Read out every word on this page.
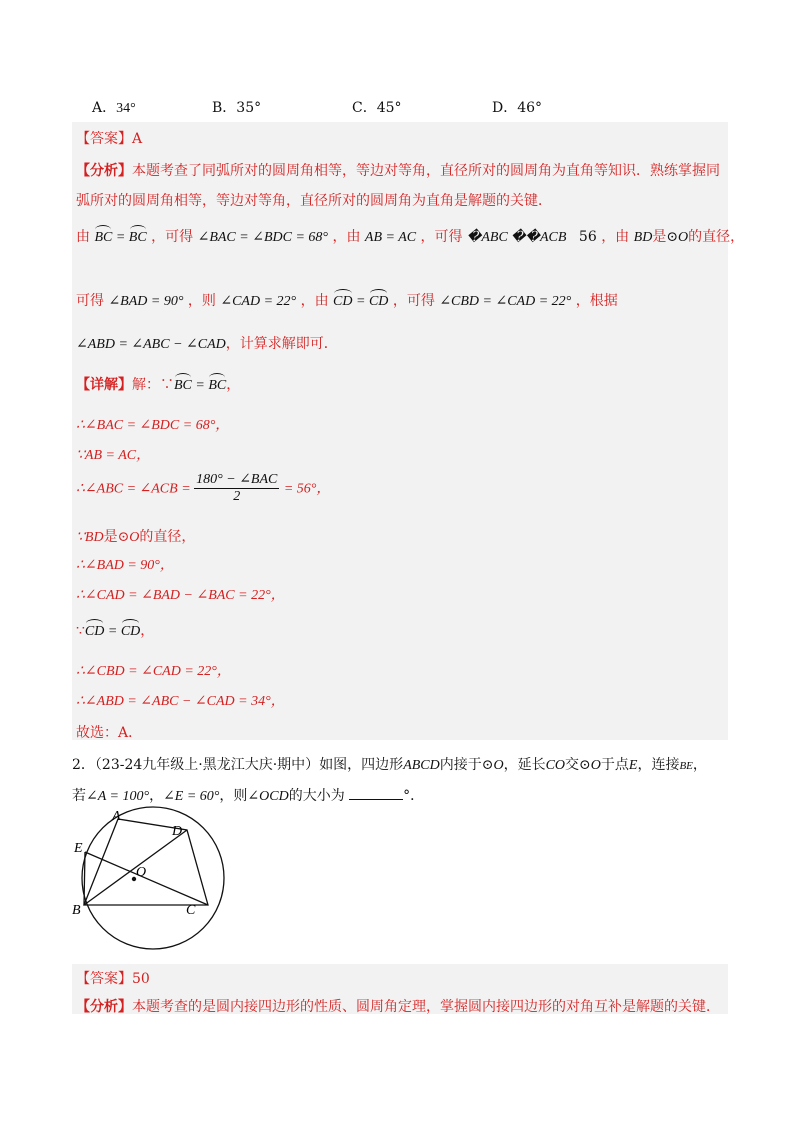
A．34°	B．35°	C．45°	D．46°
【答案】A
【分析】本题考查了同弧所对的圆周角相等，等边对等角，直径所对的圆周角为直角等知识．熟练掌握同
弧所对的圆周角相等，等边对等角，直径所对的圆周角为直角是解题的关键．
由 BC = BC ，可得 ∠BAC = ∠BDC = 68° ，由 AB = AC ，可得 �ABC ��ACB 56 ，由 BD是⊙O的直径，
可得 ∠BAD = 90° ，则 ∠CAD = 22° ，由 CD = CD ，可得 ∠CBD = ∠CAD = 22° ，根据
∠ABD = ∠ABC − ∠CAD，计算求解即可．
【详解】解：∵BC = BC，
∴∠BAC = ∠BDC = 68°，
∵AB = AC，
∴∠ABC = ∠ACB = $\frac{\text{180° − ∠BAC}}{2} = 56^\circ$，
∵BD是⊙O的直径，
∴∠BAD = 90°，
∴∠CAD = ∠BAD − ∠BAC = 22°，
∵CD = CD，
∴∠CBD = ∠CAD = 22°，
∴∠ABD = ∠ABC − ∠CAD = 34°，
故选：A．
2．（23-24九年级上·黑龙江大庆·期中）如图，四边形ABCD内接于⊙O，延长CO交⊙O于点E，连接BE，
若∠A = 100°，∠E = 60°，则∠OCD的大小为	°．
A
D
E
O
B	C
【答案】50
【分析】本题考查的是圆内接四边形的性质、圆周角定理，掌握圆内接四边形的对角互补是解题的关键．
